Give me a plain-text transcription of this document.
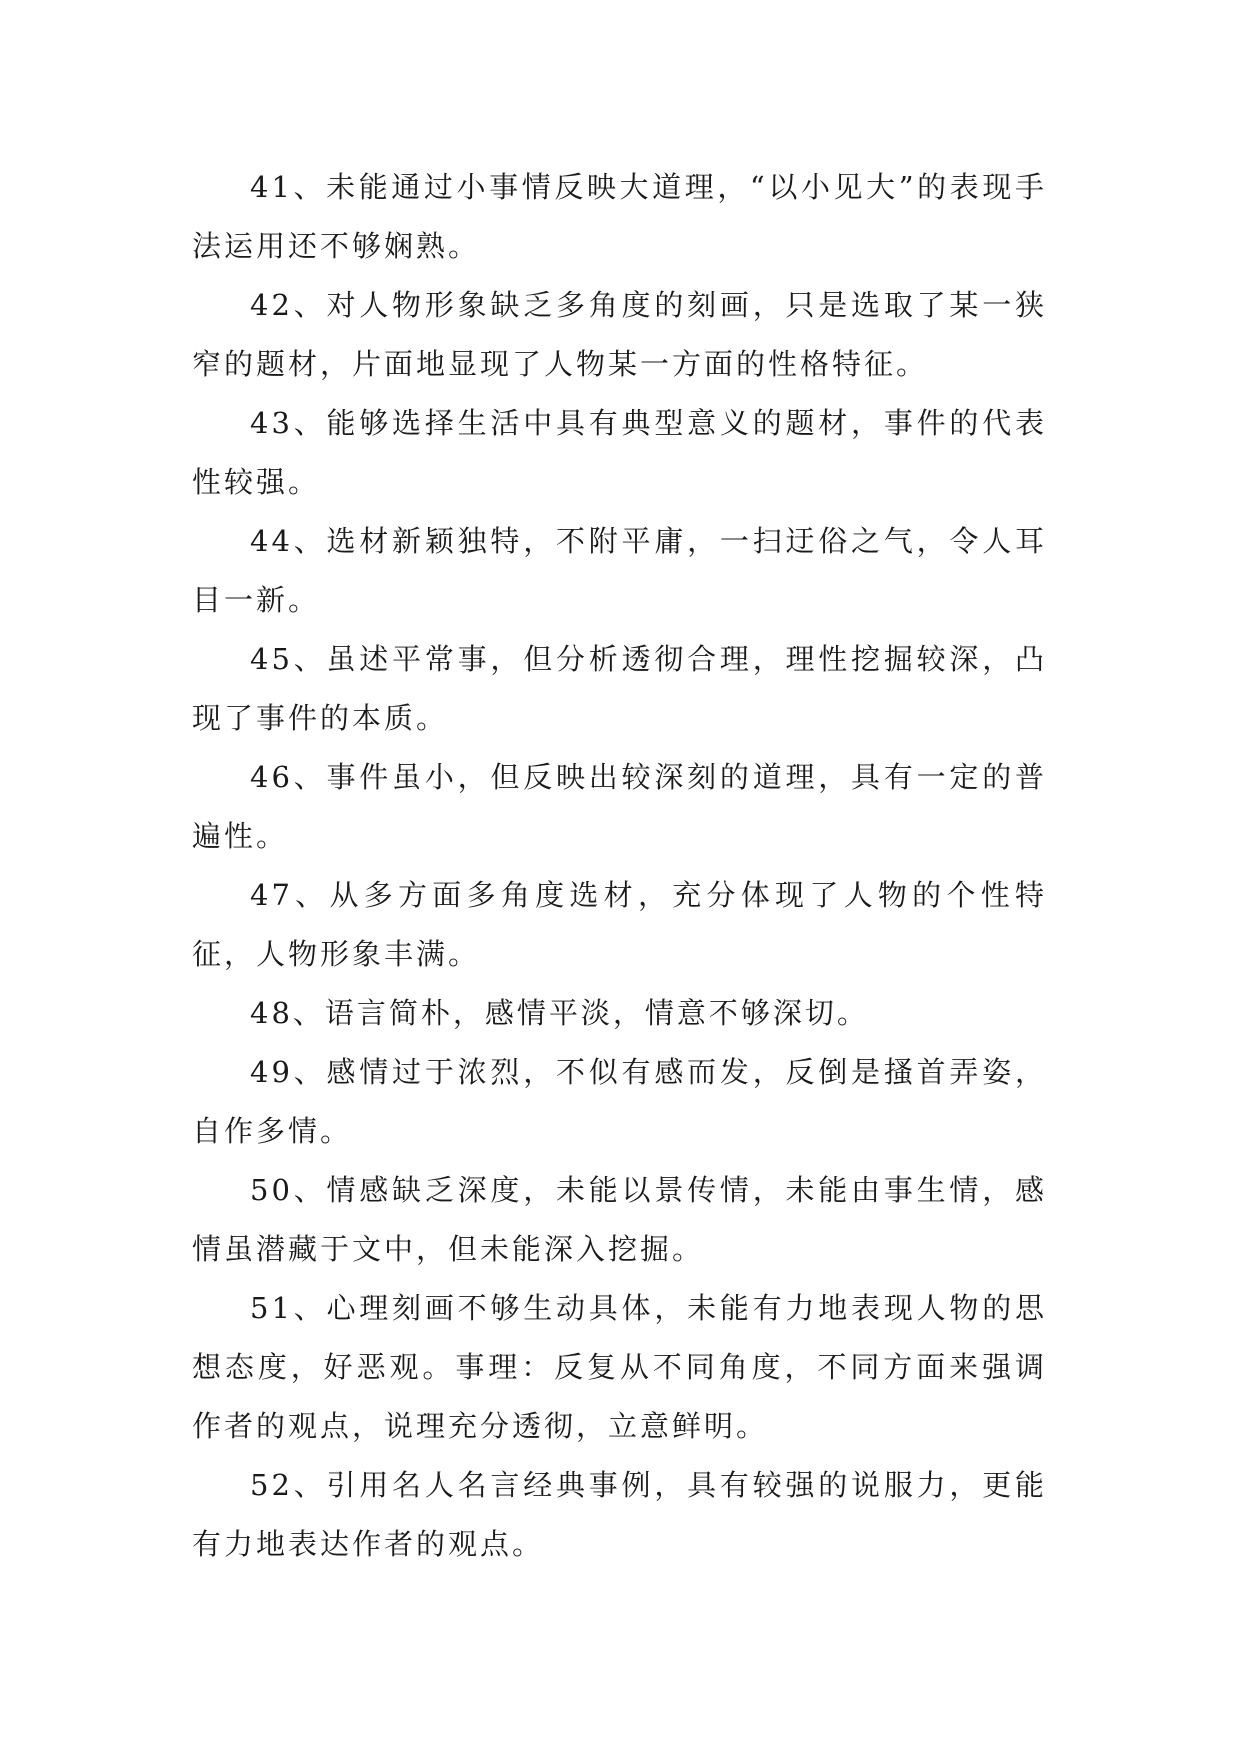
41、未能通过小事情反映大道理，“以小见大”的表现手法运用还不够娴熟。

42、对人物形象缺乏多角度的刻画，只是选取了某一狭窄的题材，片面地显现了人物某一方面的性格特征。

43、能够选择生活中具有典型意义的题材，事件的代表性较强。

44、选材新颖独特，不附平庸，一扫迂俗之气，令人耳目一新。

45、虽述平常事，但分析透彻合理，理性挖掘较深，凸现了事件的本质。

46、事件虽小，但反映出较深刻的道理，具有一定的普遍性。

47、从多方面多角度选材，充分体现了人物的个性特征，人物形象丰满。

48、语言简朴，感情平淡，情意不够深切。

49、感情过于浓烈，不似有感而发，反倒是搔首弄姿，自作多情。

50、情感缺乏深度，未能以景传情，未能由事生情，感情虽潜藏于文中，但未能深入挖掘。

51、心理刻画不够生动具体，未能有力地表现人物的思想态度，好恶观。事理：反复从不同角度，不同方面来强调作者的观点，说理充分透彻，立意鲜明。

52、引用名人名言经典事例，具有较强的说服力，更能有力地表达作者的观点。
